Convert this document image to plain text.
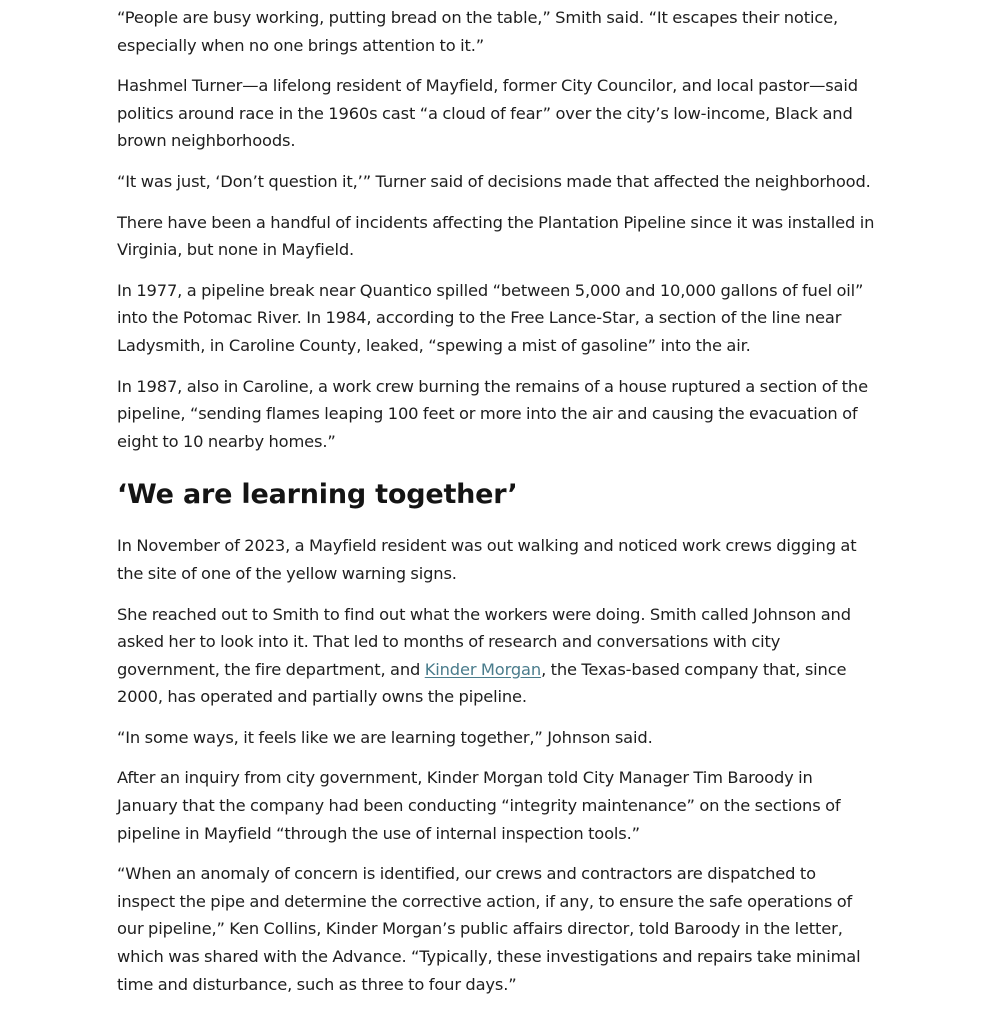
“People are busy working, putting bread on the table,” Smith said. “It escapes their notice, especially when no one brings attention to it.”

Hashmel Turner—a lifelong resident of Mayfield, former City Councilor, and local pastor—said politics around race in the 1960s cast “a cloud of fear” over the city’s low-income, Black and brown neighborhoods.

“It was just, ‘Don’t question it,’” Turner said of decisions made that affected the neighborhood.

There have been a handful of incidents affecting the Plantation Pipeline since it was installed in Virginia, but none in Mayfield.

In 1977, a pipeline break near Quantico spilled “between 5,000 and 10,000 gallons of fuel oil” into the Potomac River. In 1984, according to the Free Lance-Star, a section of the line near Ladysmith, in Caroline County, leaked, “spewing a mist of gasoline” into the air.

In 1987, also in Caroline, a work crew burning the remains of a house ruptured a section of the pipeline, “sending flames leaping 100 feet or more into the air and causing the evacuation of eight to 10 nearby homes.”

‘We are learning together’

In November of 2023, a Mayfield resident was out walking and noticed work crews digging at the site of one of the yellow warning signs.

She reached out to Smith to find out what the workers were doing. Smith called Johnson and asked her to look into it. That led to months of research and conversations with city government, the fire department, and Kinder Morgan, the Texas-based company that, since 2000, has operated and partially owns the pipeline.

“In some ways, it feels like we are learning together,” Johnson said.

After an inquiry from city government, Kinder Morgan told City Manager Tim Baroody in January that the company had been conducting “integrity maintenance” on the sections of pipeline in Mayfield “through the use of internal inspection tools.”

“When an anomaly of concern is identified, our crews and contractors are dispatched to inspect the pipe and determine the corrective action, if any, to ensure the safe operations of our pipeline,” Ken Collins, Kinder Morgan’s public affairs director, told Baroody in the letter, which was shared with the Advance. “Typically, these investigations and repairs take minimal time and disturbance, such as three to four days.”
